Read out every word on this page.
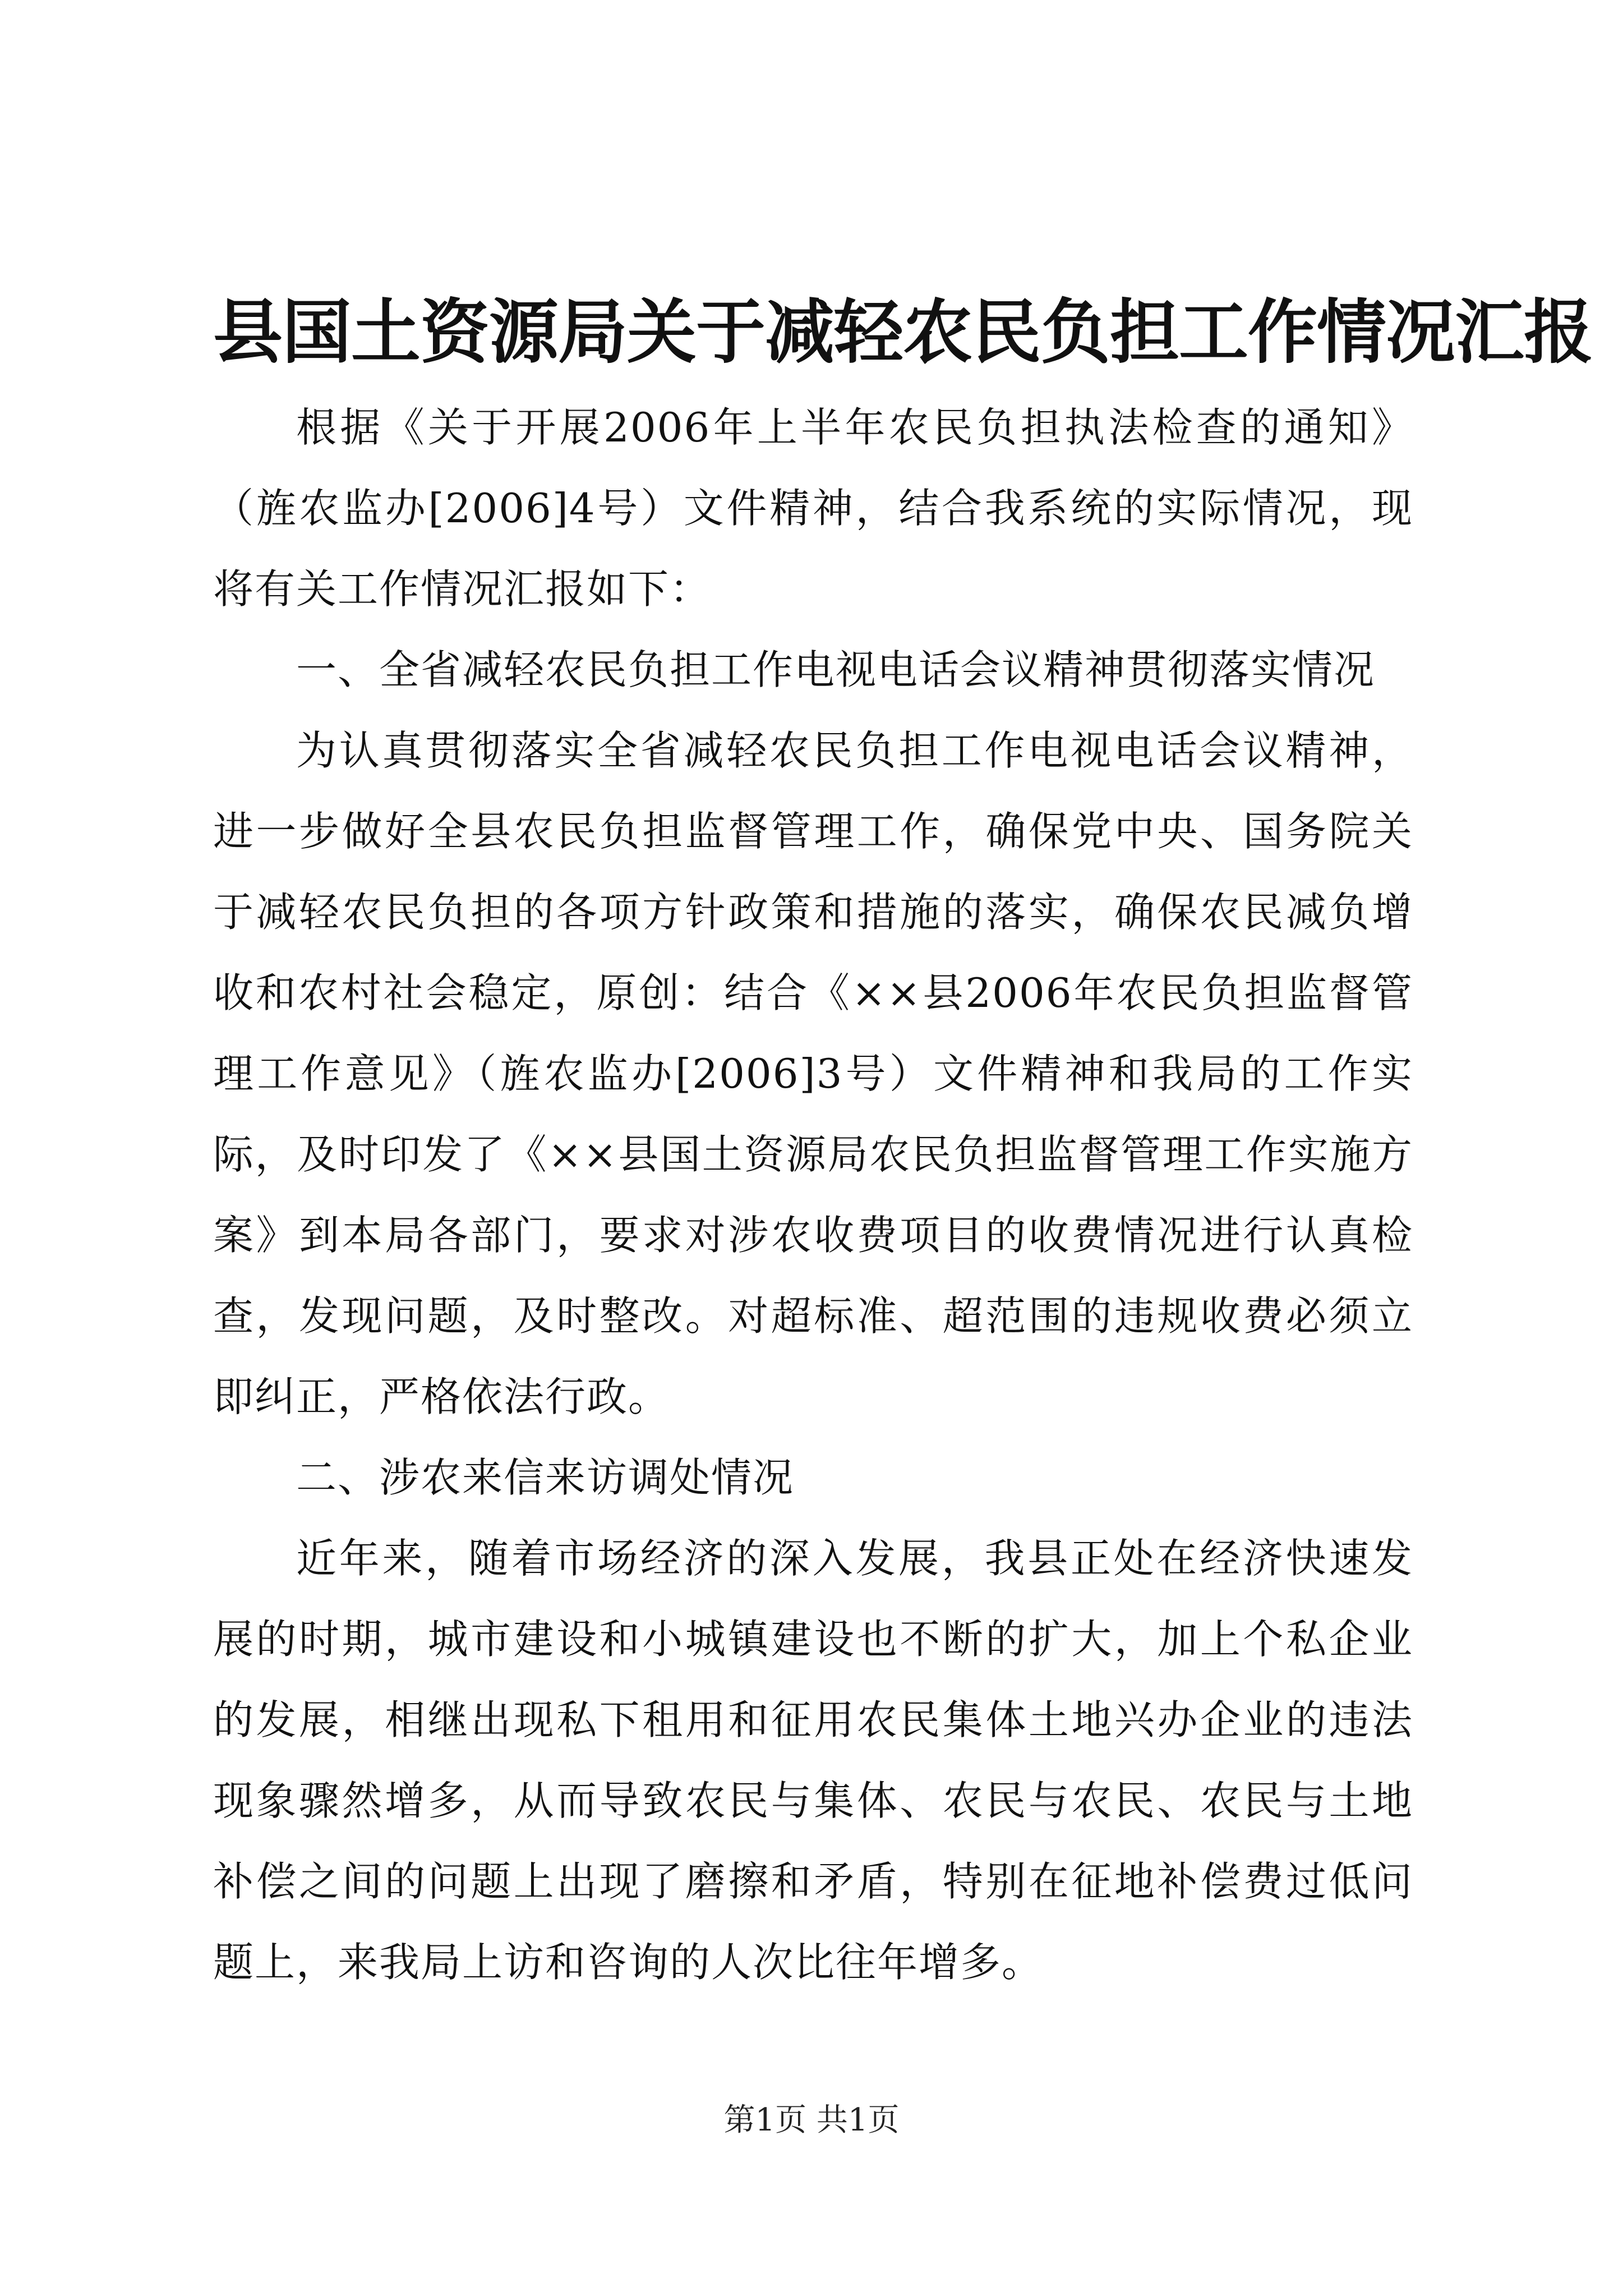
县国土资源局关于减轻农民负担工作情况汇报

根据《关于开展2006年上半年农民负担执法检查的通知》（旌农监办[2006]4号）文件精神，结合我系统的实际情况，现将有关工作情况汇报如下：

一、全省减轻农民负担工作电视电话会议精神贯彻落实情况

为认真贯彻落实全省减轻农民负担工作电视电话会议精神，进一步做好全县农民负担监督管理工作，确保党中央、国务院关于减轻农民负担的各项方针政策和措施的落实，确保农民减负增收和农村社会稳定，原创：结合《××县2006年农民负担监督管理工作意见》（旌农监办[2006]3号）文件精神和我局的工作实际，及时印发了《××县国土资源局农民负担监督管理工作实施方案》到本局各部门，要求对涉农收费项目的收费情况进行认真检查，发现问题，及时整改。对超标准、超范围的违规收费必须立即纠正，严格依法行政。

二、涉农来信来访调处情况

近年来，随着市场经济的深入发展，我县正处在经济快速发展的时期，城市建设和小城镇建设也不断的扩大，加上个私企业的发展，相继出现私下租用和征用农民集体土地兴办企业的违法现象骤然增多，从而导致农民与集体、农民与农民、农民与土地补偿之间的问题上出现了磨擦和矛盾，特别在征地补偿费过低问题上，来我局上访和咨询的人次比往年增多。

第1页 共1页
